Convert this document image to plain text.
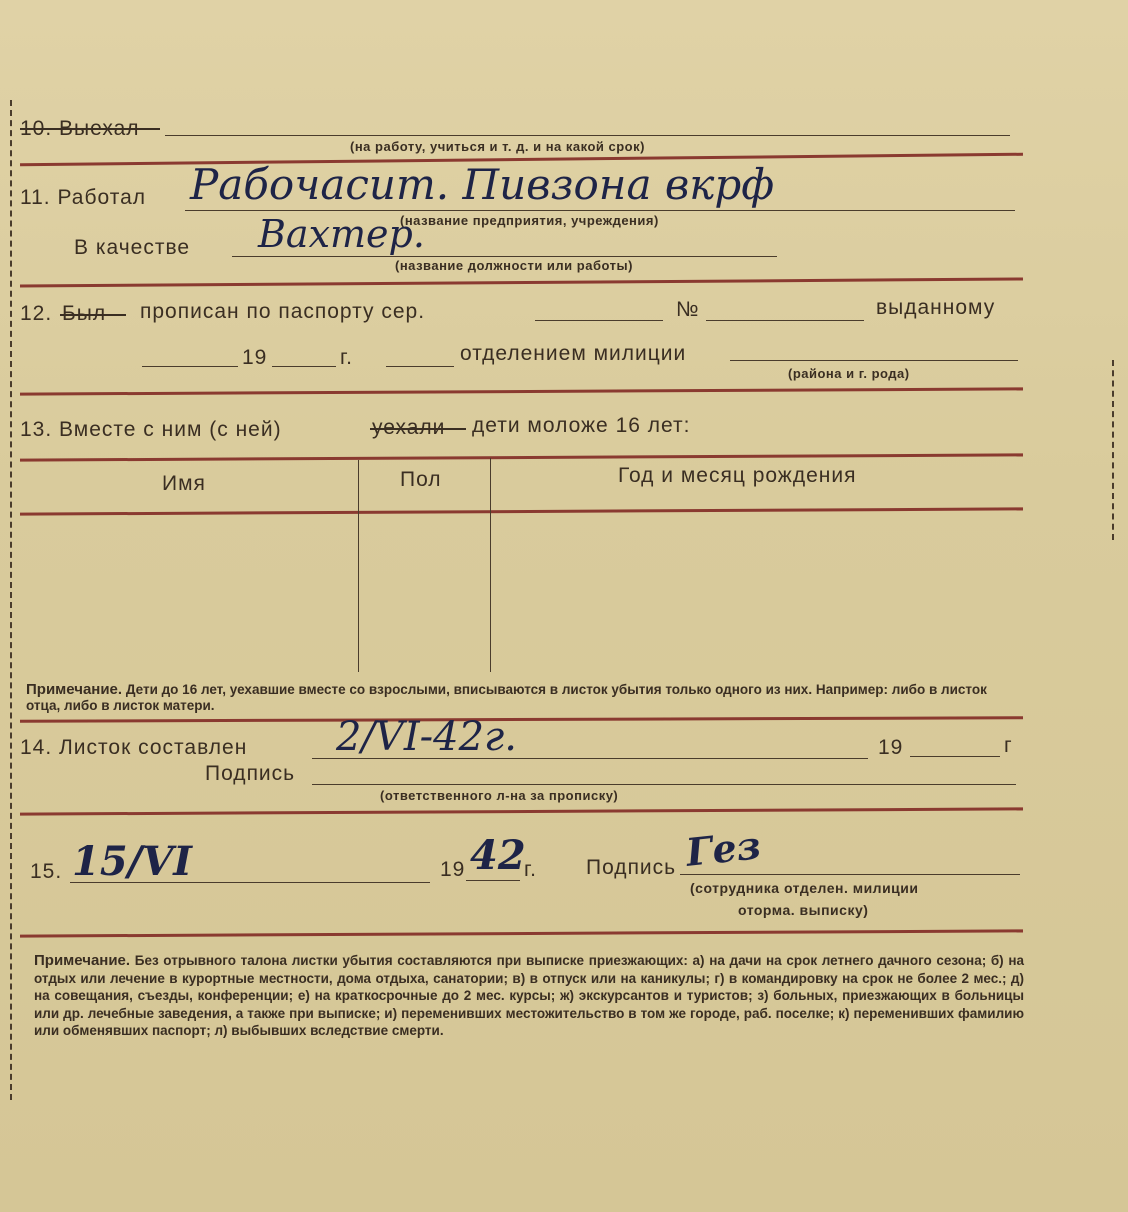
10. Выехал
(на работу, учиться и т. д. и на какой срок)
11. Работал Рабочасит. Пивзона вкрф
(название предприятия, учреждения)
В качестве Вахтер.
(название должности или работы)
12. Был прописан по паспорту сер.	№	выданному
19	г.	отделением милиции
(района и г. рода)
13. Вместе с ним (с ней)	уехали дети моложе 16 лет:
Имя	Пол	Год и месяц рождения
Примечание. Дети до 16 лет, уехавшие вместе со взрослыми, вписываются в листок убытия только одного из них. Например: либо в листок отца, либо в листок матери.
14. Листок составлен 2/VI-42г.	19	г
Подпись
(ответственного л-на за прописку)
15. 15/VI	19 42
г. Подпись Гез
(сотрудника отделен. милиции
оторма. выписку)
Примечание. Без отрывного талона листки убытия составляются при выписке приезжающих: а) на дачи на срок летнего дачного сезона; б) на отдых или лечение в курортные местности, дома отдыха, санатории; в) в отпуск или на каникулы; г) в командировку на срок не более 2 мес.; д) на совещания, съезды, конференции; е) на краткосрочные до 2 мес. курсы; ж) экскурсантов и туристов; з) больных, приезжающих в больницы или др. лечебные заведения, а также при выписке; и) переменивших местожительство в том же городе, раб. поселке; к) переменивших фамилию или обменявших паспорт; л) выбывших вследствие смерти.
